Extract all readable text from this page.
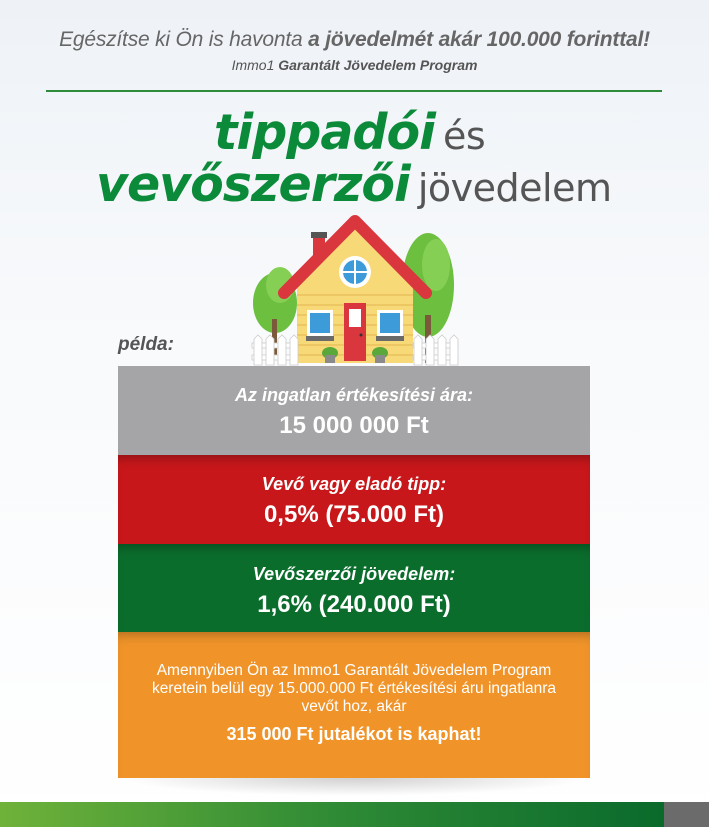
Egészítse ki Ön is havonta a jövedelmét akár 100.000 forinttal!
Immo1 Garantált Jövedelem Program
tippadói és
vevőszerzői jövedelem
példa:
Az ingatlan értékesítési ára:
15 000 000 Ft
Vevő vagy eladó tipp:
0,5% (75.000 Ft)
Vevőszerzői jövedelem:
1,6% (240.000 Ft)
Amennyiben Ön az Immo1 Garantált Jövedelem Program keretein belül egy 15.000.000 Ft értékesítési áru ingatlanra vevőt hoz, akár
315 000 Ft jutalékot is kaphat!
